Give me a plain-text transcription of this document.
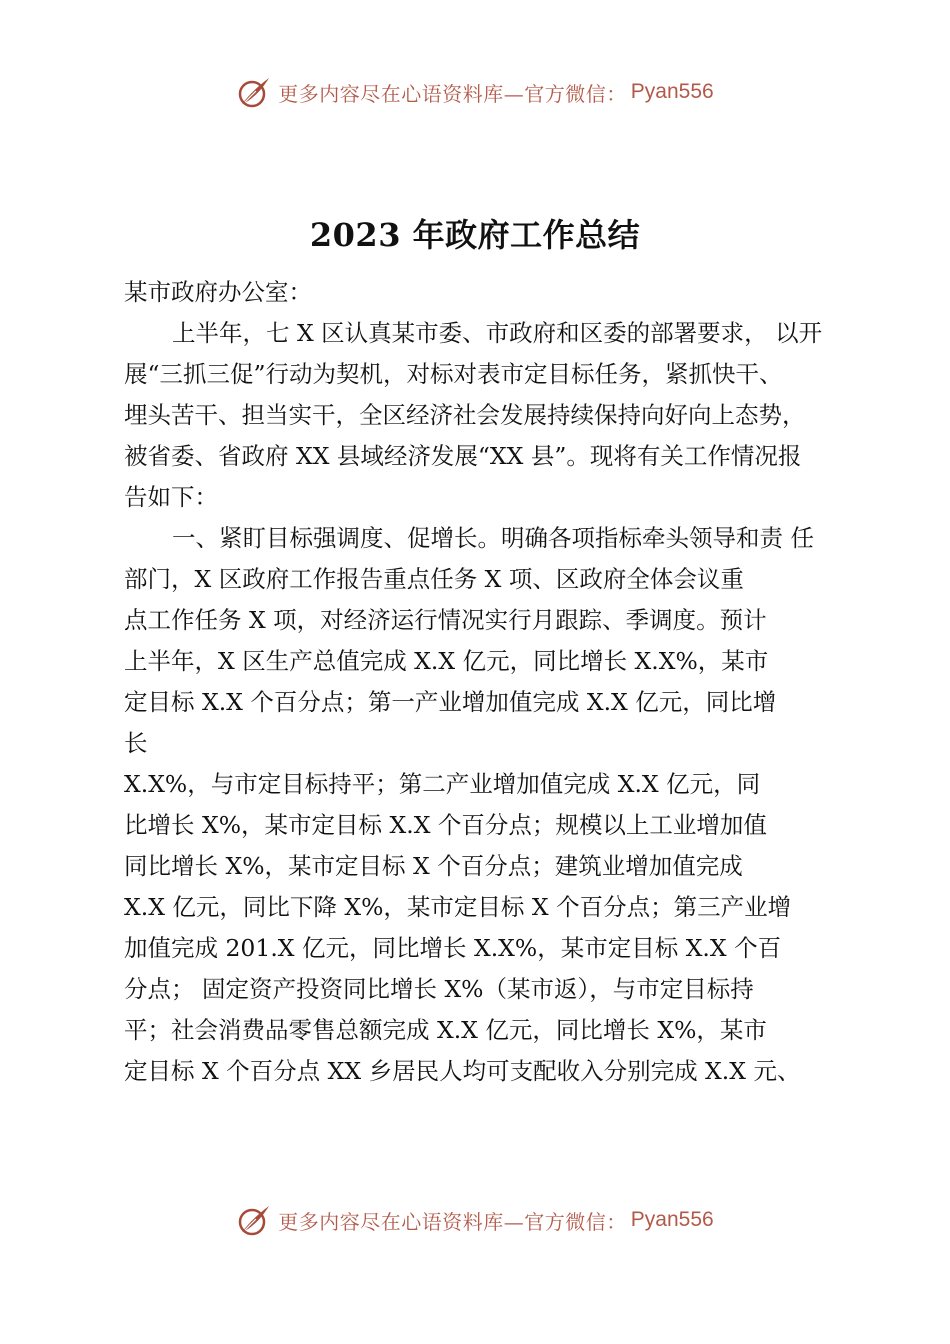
更多内容尽在心语资料库—官方微信： Pyan556
2023 年政府工作总结
某市政府办公室：
上半年，七 X 区认真某市委、市政府和区委的部署要求， 以开
展“三抓三促”行动为契机，对标对表市定目标任务，紧抓快干、
埋头苦干、担当实干，全区经济社会发展持续保持向好向上态势，
被省委、省政府 XX 县域经济发展“XX 县”。现将有关工作情况报
告如下：
一、紧盯目标强调度、促增长。明确各项指标牵头领导和责 任
部门，X 区政府工作报告重点任务 X 项、区政府全体会议重
点工作任务 X 项，对经济运行情况实行月跟踪、季调度。预计
上半年，X 区生产总值完成 X.X 亿元，同比增长 X.X%，某市
定目标 X.X 个百分点；第一产业增加值完成 X.X 亿元，同比增
长
X.X%，与市定目标持平；第二产业增加值完成 X.X 亿元，同
比增长 X%，某市定目标 X.X 个百分点；规模以上工业增加值
同比增长 X%，某市定目标 X 个百分点；建筑业增加值完成
X.X 亿元，同比下降 X%，某市定目标 X 个百分点；第三产业增
加值完成 201.X 亿元，同比增长 X.X%，某市定目标 X.X 个百
分点； 固定资产投资同比增长 X%（某市返），与市定目标持
平；社会消费品零售总额完成 X.X 亿元，同比增长 X%，某市
定目标 X 个百分点 XX 乡居民人均可支配收入分别完成 X.X 元、
更多内容尽在心语资料库—官方微信： Pyan556
